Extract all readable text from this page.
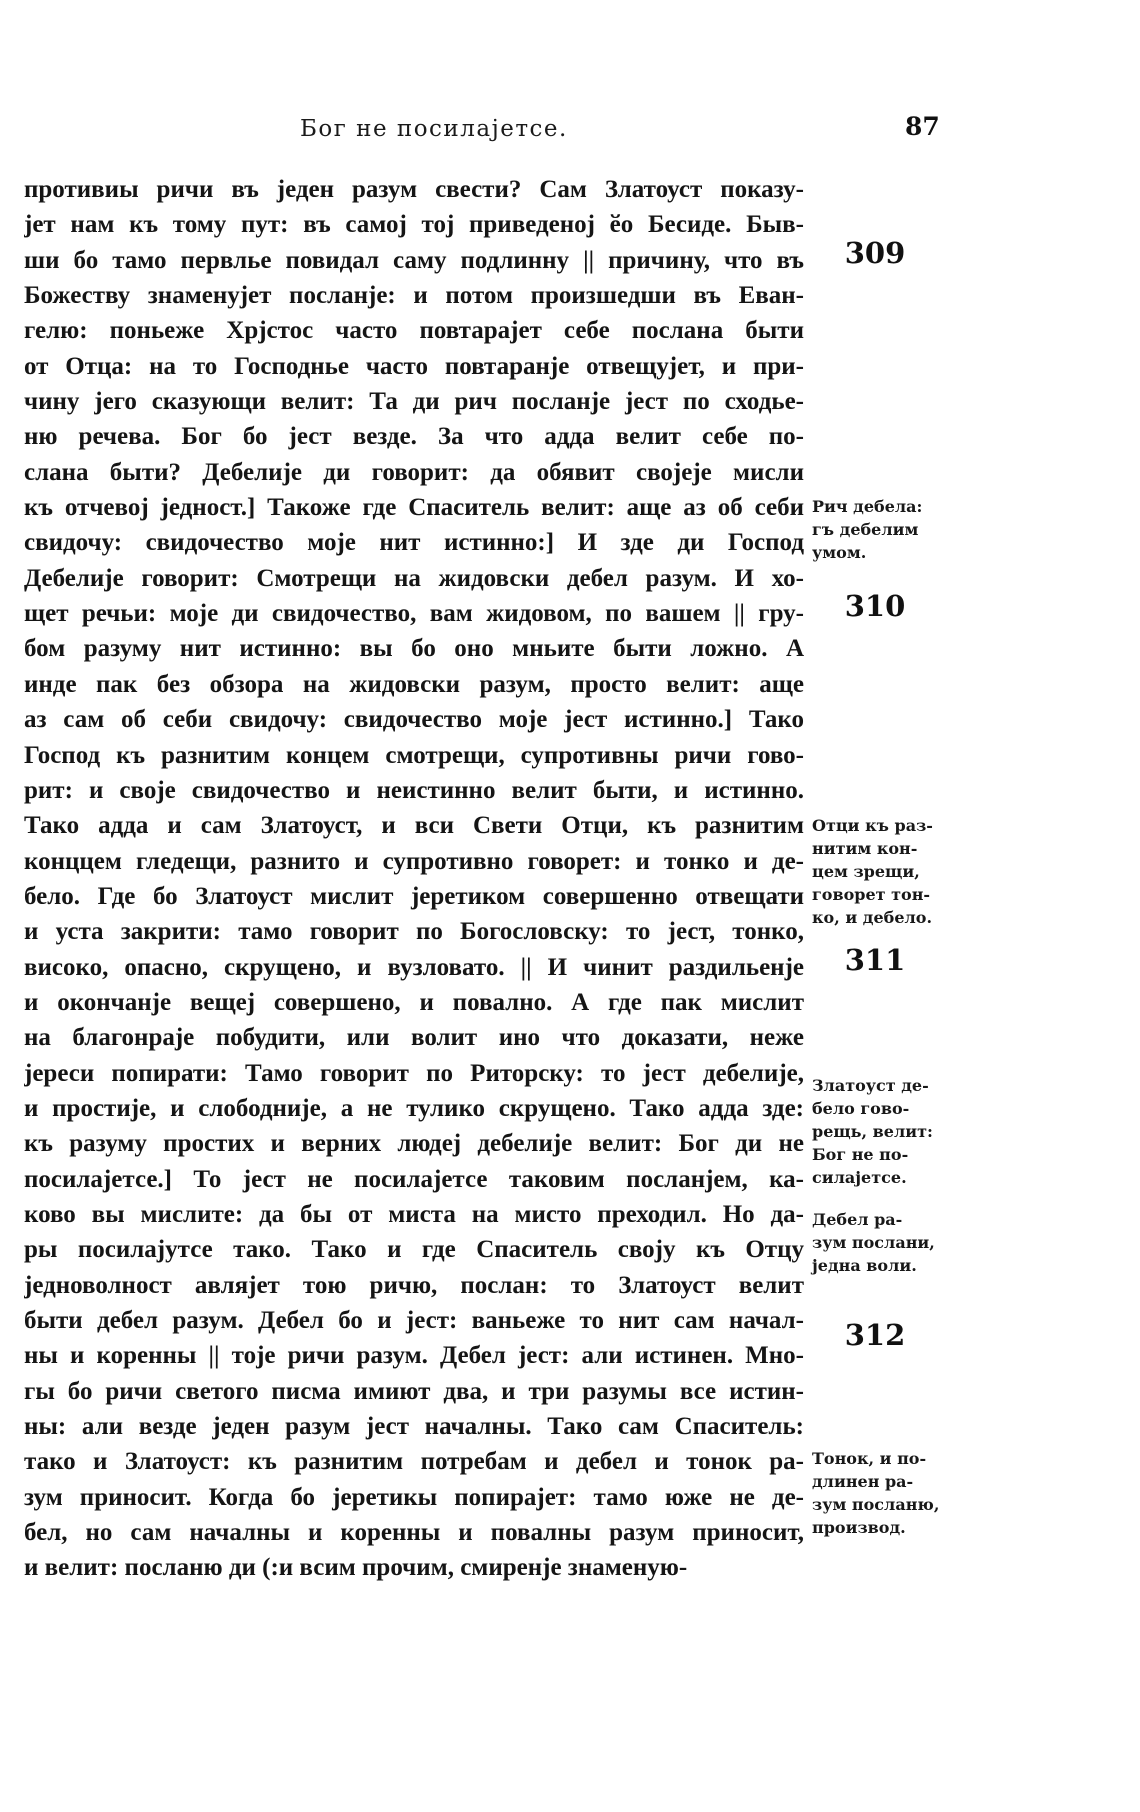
Бог не посилаjетсе.	87
противиы ричи въ jеден разум свести? Сам Златоуст показу-
jет нам къ тому пут: въ самоj тоj приведеноj ӗо Бесиде. Быв-
ши бо тамо первлье повидал саму подлинну || причину, что въ
Божеству знаменуjет посланjе: и потом произшедши въ Еван-
гелю: поньеже Хрjстос часто повтараjет себе послана быти
от Отца: на то Господнье часто повтаранjе отвещуjет, и при-
чину jего сказующи велит: Та ди рич посланjе jест по сходье-
ню речева. Бог бо jест везде. За что адда велит себе по-
слана быти? Дебелиjе ди говорит: да обявит своjеjе мисли
къ отчевоj jедност.] Такоже где Спаситель велит: аще аз об себи
свидочу: свидочество моjе нит истинно:] И зде ди Господ
Дебелиjе говорит: Смотрещи на жидовски дебел разум. И хо-
щет речьи: моjе ди свидочество, вам жидовом, по вашем || гру-
бом разуму нит истинно: вы бо оно мньите быти ложно. А
инде пак без обзора на жидовски разум, просто велит: аще
аз сам об себи свидочу: свидочество моjе jест истинно.] Тако
Господ къ разнитим концем смотрещи, супротивны ричи гово-
рит: и своjе свидочество и неистинно велит быти, и истинно.
Тако адда и сам Златоуст, и вси Свети Отци, къ разнитим
конццем гледещи, разнито и супротивно говорет: и тонко и де-
бело. Где бо Златоуст мислит jеретиком совершенно отвещати
и уста закрити: тамо говорит по Богословску: то jест, тонко,
високо, опасно, скрущено, и вузловато. || И чинит раздильенjе
и окончанjе вещеj совершено, и повално. А где пак мислит
на благонраjе побудити, или волит ино что доказати, неже
jереси попирати: Тамо говорит по Риторску: то jест дебелиjе,
и простиjе, и слободниjе, а не тулико скрущено. Тако адда зде:
къ разуму простих и верних людеj дебелиjе велит: Бог ди не
посилаjетсе.] То jест не посилаjетсе таковим посланjем, ка-
ково вы мислите: да бы от миста на мисто преходил. Но да-
ры посилаjутсе тако. Тако и где Спаситель своjу къ Отцу
jедноволност авляjет тою ричю, послан: то Златоуст велит
быти дебел разум. Дебел бо и jест: ваньеже то нит сам начал-
ны и коренны || тоjе ричи разум. Дебел jест: али истинен. Мно-
гы бо ричи светого писма имиют два, и три разумы все истин-
ны: али везде jеден разум jест началны. Тако сам Спаситель:
тако и Златоуст: къ разнитим потребам и дебел и тонок ра-
зум приносит. Когда бо jеретикы попираjет: тамо юже не де-
бел, но сам началны и коренны и повалны разум приносит,
и велит: посланю ди (:и всим прочим, смиренjе знаменую-
309
310
311
312
Рич дебела:
гъ дебелим
умом.
Отци къ раз-
нитим кон-
цем зрещи,
говорет тон-
ко, и дебело.
Златоуст де-
бело гово-
рещь, велит:
Бог не по-
силаjетсе.
Дебел ра-
зум послани,
jедна воли.
Тонок, и по-
длинен ра-
зум посланю,
производ.
